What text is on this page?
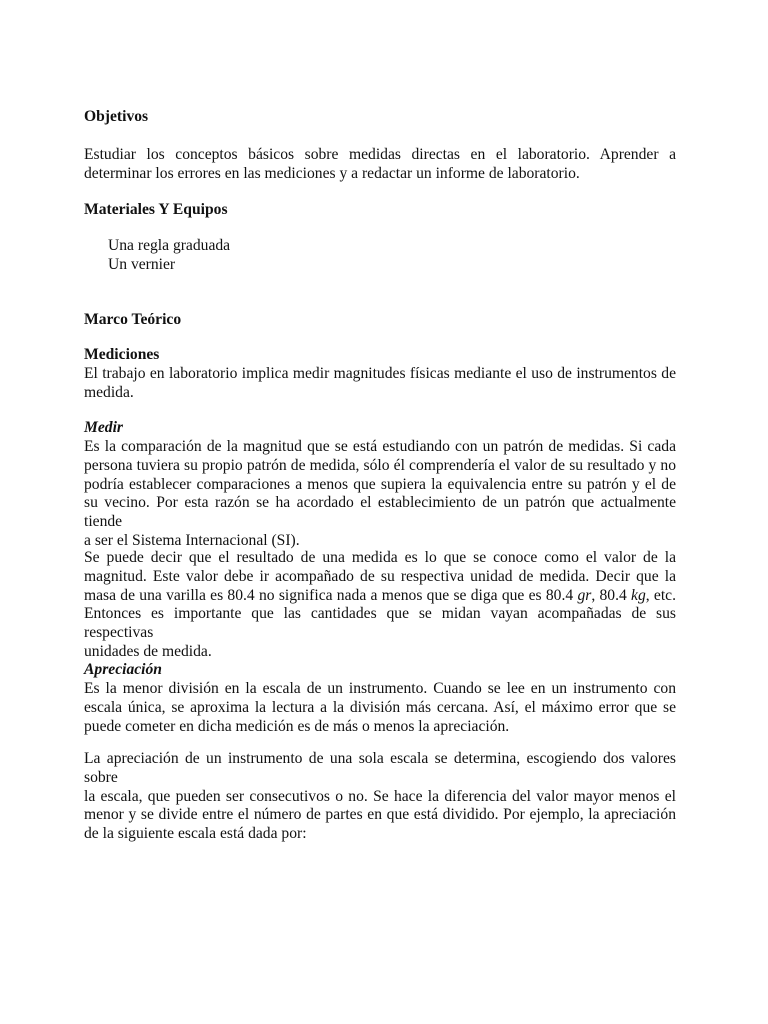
Objetivos
Estudiar los conceptos básicos sobre medidas directas en el laboratorio. Aprender a
determinar los errores en las mediciones y a redactar un informe de laboratorio.
Materiales Y Equipos
Una regla graduada
Un vernier
Marco Teórico
Mediciones
El trabajo en laboratorio implica medir magnitudes físicas mediante el uso de instrumentos de
medida.
Medir
Es la comparación de la magnitud que se está estudiando con un patrón de medidas. Si cada
persona tuviera su propio patrón de medida, sólo él comprendería el valor de su resultado y no
podría establecer comparaciones a menos que supiera la equivalencia entre su patrón y el de
su vecino. Por esta razón se ha acordado el establecimiento de un patrón que actualmente tiende
a ser el Sistema Internacional (SI).
Se puede decir que el resultado de una medida es lo que se conoce como el valor de la
magnitud. Este valor debe ir acompañado de su respectiva unidad de medida. Decir que la
masa de una varilla es 80.4 no significa nada a menos que se diga que es 80.4 gr, 80.4 kg, etc.
Entonces es importante que las cantidades que se midan vayan acompañadas de sus respectivas
unidades de medida.
Apreciación
Es la menor división en la escala de un instrumento. Cuando se lee en un instrumento con
escala única, se aproxima la lectura a la división más cercana. Así, el máximo error que se
puede cometer en dicha medición es de más o menos la apreciación.
La apreciación de un instrumento de una sola escala se determina, escogiendo dos valores sobre
la escala, que pueden ser consecutivos o no. Se hace la diferencia del valor mayor menos el
menor y se divide entre el número de partes en que está dividido. Por ejemplo, la apreciación
de la siguiente escala está dada por:
